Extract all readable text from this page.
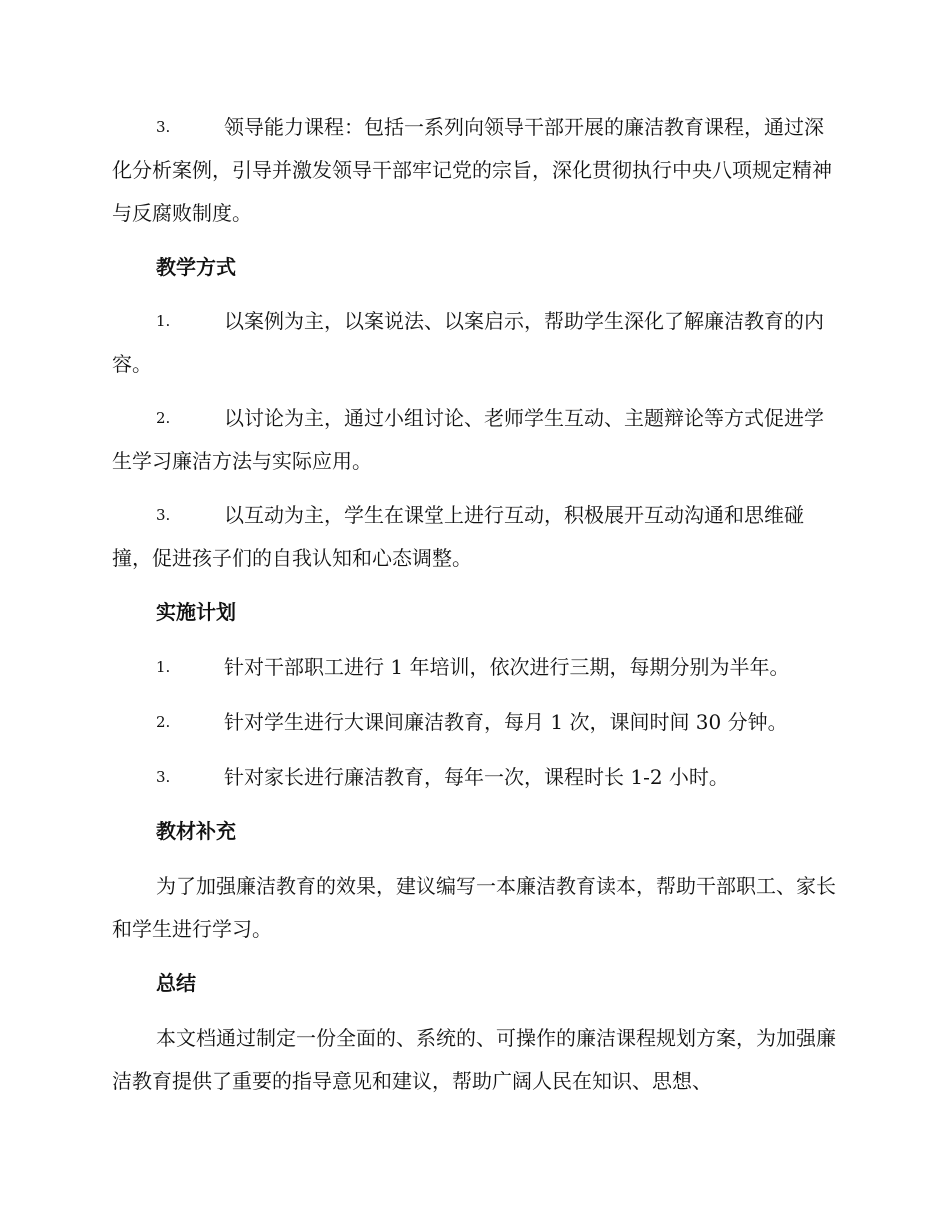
3.	领导能力课程：包括一系列向领导干部开展的廉洁教育课程，通过深化分析案例，引导并激发领导干部牢记党的宗旨，深化贯彻执行中央八项规定精神与反腐败制度。
教学方式
1.	以案例为主，以案说法、以案启示，帮助学生深化了解廉洁教育的内容。
2.	以讨论为主，通过小组讨论、老师学生互动、主题辩论等方式促进学生学习廉洁方法与实际应用。
3.	以互动为主，学生在课堂上进行互动，积极展开互动沟通和思维碰撞，促进孩子们的自我认知和心态调整。
实施计划
1.	针对干部职工进行 1 年培训，依次进行三期，每期分别为半年。
2.	针对学生进行大课间廉洁教育，每月 1 次，课间时间 30 分钟。
3.	针对家长进行廉洁教育，每年一次，课程时长 1-2 小时。
教材补充

为了加强廉洁教育的效果，建议编写一本廉洁教育读本，帮助干部职工、家长和学生进行学习。

总结

本文档通过制定一份全面的、系统的、可操作的廉洁课程规划方案，为加强廉洁教育提供了重要的指导意见和建议，帮助广阔人民在知识、思想、
